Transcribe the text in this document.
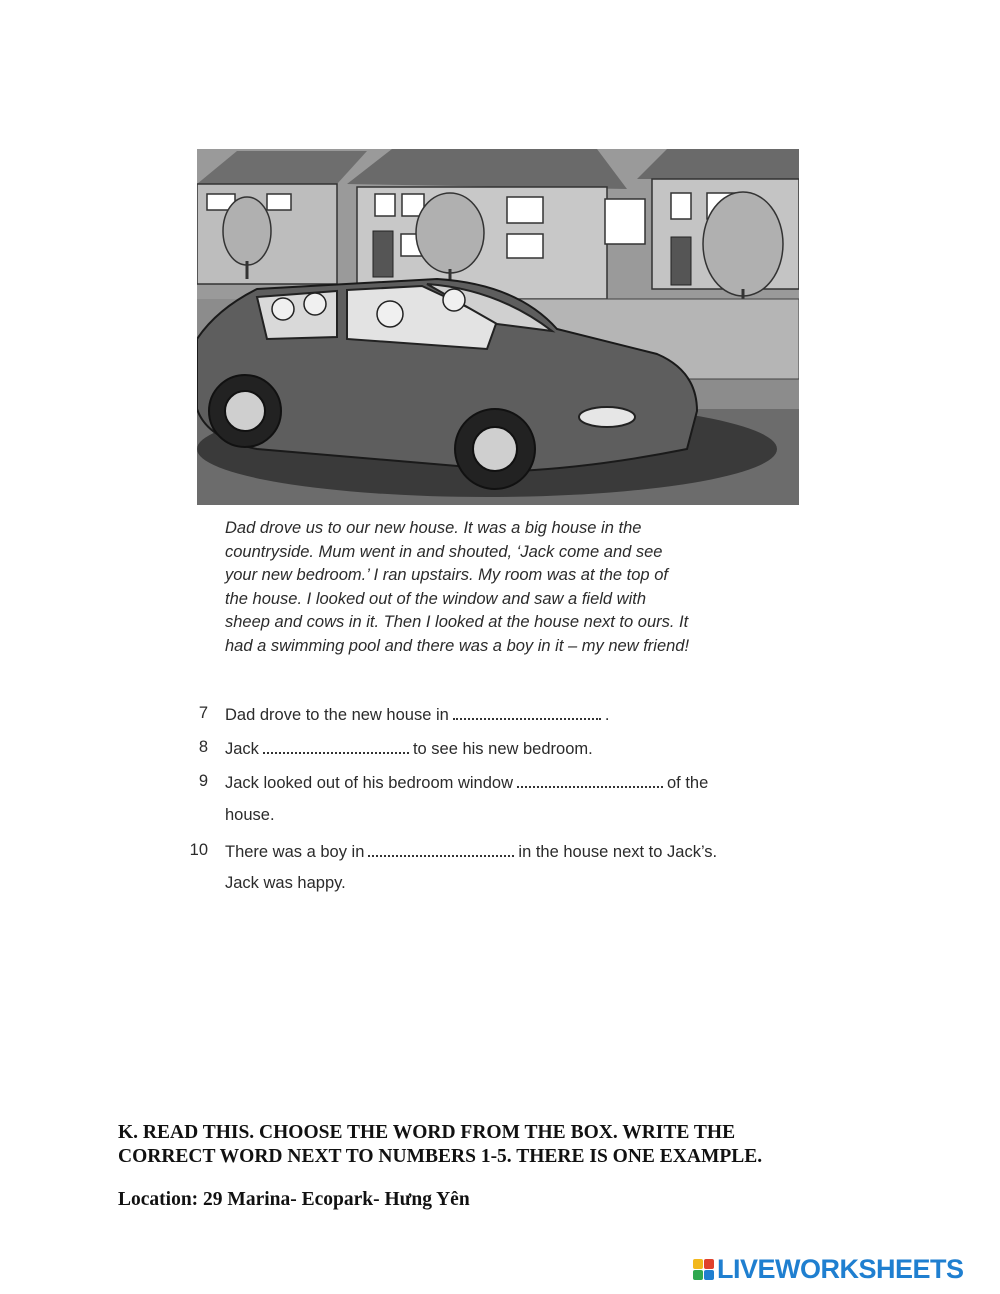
Dad drove us to our new house. It was a big house in the
countryside. Mum went in and shouted, ‘Jack come and see
your new bedroom.’ I ran upstairs. My room was at the top of
the house. I looked out of the window and saw a field with
sheep and cows in it. Then I looked at the house next to ours. It
had a swimming pool and there was a boy in it – my new friend!
7 Dad drove to the new house in	.
8 Jack	to see his new bedroom.
9 Jack looked out of his bedroom window	of the
house.
10 There was a boy in	in the house next to Jack’s.
Jack was happy.
K. READ THIS. CHOOSE THE WORD FROM THE BOX. WRITE THE
CORRECT WORD NEXT TO NUMBERS 1-5. THERE IS ONE EXAMPLE.
Location: 29 Marina- Ecopark- Hưng Yên
LIVEWORKSHEETS
